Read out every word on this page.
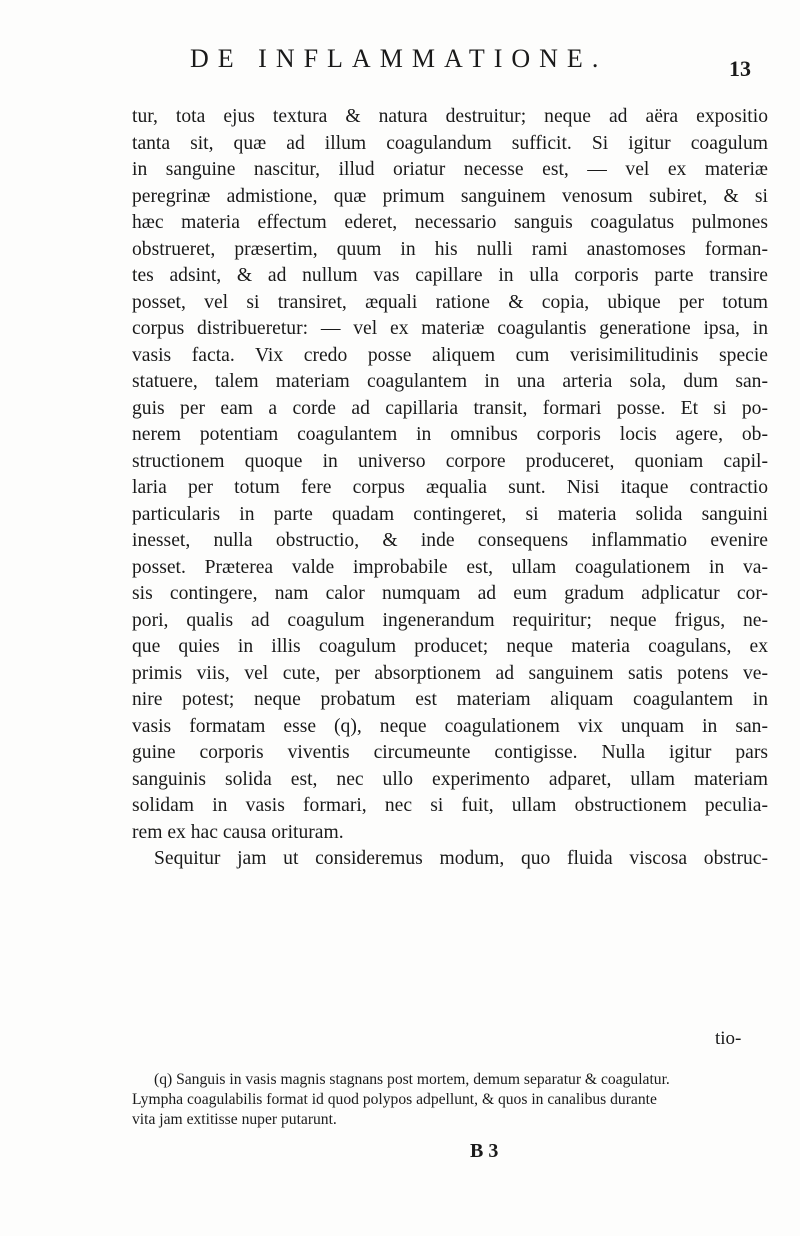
DE INFLAMMATIONE.	13
tur, tota ejus textura & natura destruitur; neque ad aëra expositio
tanta sit, quæ ad illum coagulandum sufficit. Si igitur coagulum
in sanguine nascitur, illud oriatur necesse est, — vel ex materiæ
peregrinæ admistione, quæ primum sanguinem venosum subiret, & si
hæc materia effectum ederet, necessario sanguis coagulatus pulmones
obstrueret, præsertim, quum in his nulli rami anastomoses forman-
tes adsint, & ad nullum vas capillare in ulla corporis parte transire
posset, vel si transiret, æquali ratione & copia, ubique per totum
corpus distribueretur: — vel ex materiæ coagulantis generatione ipsa, in
vasis facta. Vix credo posse aliquem cum verisimilitudinis specie
statuere, talem materiam coagulantem in una arteria sola, dum san-
guis per eam a corde ad capillaria transit, formari posse. Et si po-
nerem potentiam coagulantem in omnibus corporis locis agere, ob-
structionem quoque in universo corpore produceret, quoniam capil-
laria per totum fere corpus æqualia sunt. Nisi itaque contractio
particularis in parte quadam contingeret, si materia solida sanguini
inesset, nulla obstructio, & inde consequens inflammatio evenire
posset. Præterea valde improbabile est, ullam coagulationem in va-
sis contingere, nam calor numquam ad eum gradum adplicatur cor-
pori, qualis ad coagulum ingenerandum requiritur; neque frigus, ne-
que quies in illis coagulum producet; neque materia coagulans, ex
primis viis, vel cute, per absorptionem ad sanguinem satis potens ve-
nire potest; neque probatum est materiam aliquam coagulantem in
vasis formatam esse (q), neque coagulationem vix unquam in san-
guine corporis viventis circumeunte contigisse. Nulla igitur pars
sanguinis solida est, nec ullo experimento adparet, ullam materiam
solidam in vasis formari, nec si fuit, ullam obstructionem peculia-
rem ex hac causa orituram.
Sequitur jam ut consideremus modum, quo fluida viscosa obstruc-
tio-
(q) Sanguis in vasis magnis stagnans post mortem, demum separatur & coagulatur.
Lympha coagulabilis format id quod polypos adpellunt, & quos in canalibus durante
vita jam extitisse nuper putarunt.
B 3
